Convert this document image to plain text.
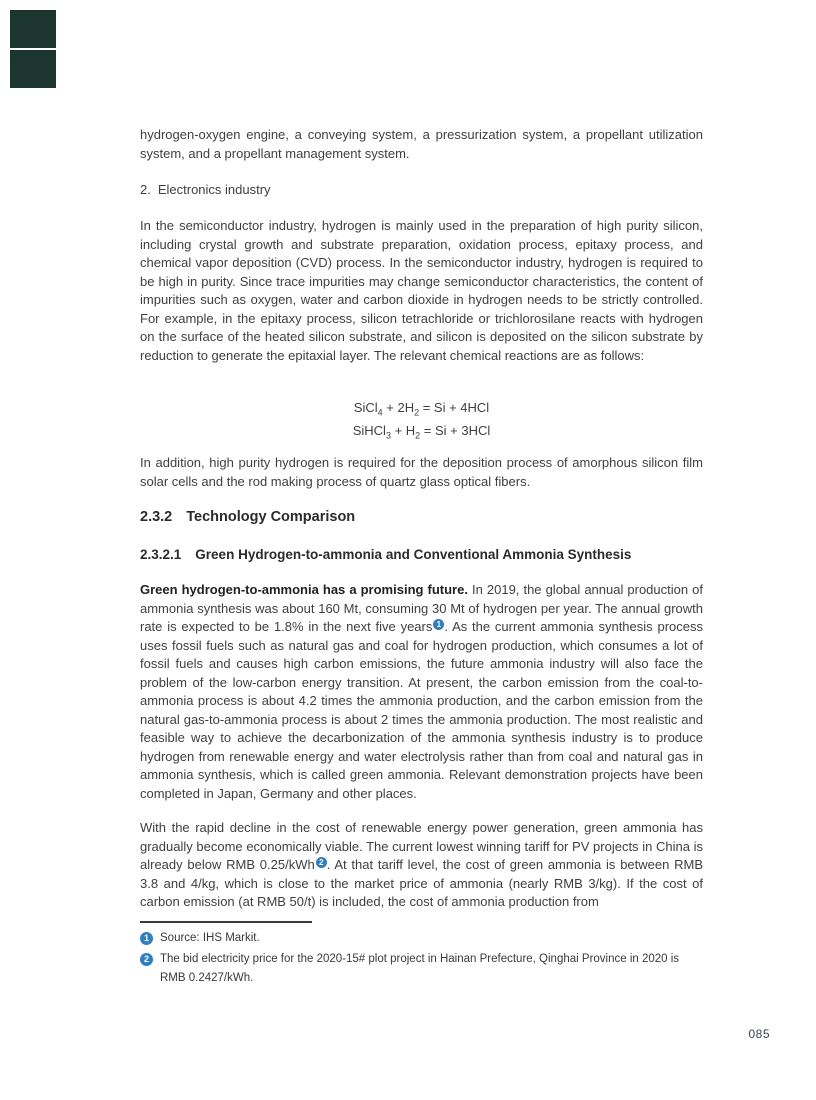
hydrogen-oxygen engine, a conveying system, a pressurization system, a propellant utilization system, and a propellant management system.
2. Electronics industry
In the semiconductor industry, hydrogen is mainly used in the preparation of high purity silicon, including crystal growth and substrate preparation, oxidation process, epitaxy process, and chemical vapor deposition (CVD) process. In the semiconductor industry, hydrogen is required to be high in purity. Since trace impurities may change semiconductor characteristics, the content of impurities such as oxygen, water and carbon dioxide in hydrogen needs to be strictly controlled. For example, in the epitaxy process, silicon tetrachloride or trichlorosilane reacts with hydrogen on the surface of the heated silicon substrate, and silicon is deposited on the silicon substrate by reduction to generate the epitaxial layer. The relevant chemical reactions are as follows:
SiCl$_4$ + $2H_2 = Si + 4HCl$
SiHCl$_3$ + $H_2 = Si + 3HCl$
In addition, high purity hydrogen is required for the deposition process of amorphous silicon film solar cells and the rod making process of quartz glass optical fibers.
2.3.2 Technology Comparison
2.3.2.1 Green Hydrogen-to-ammonia and Conventional Ammonia Synthesis
Green hydrogen-to-ammonia has a promising future. In 2019, the global annual production of ammonia synthesis was about 160 Mt, consuming 30 Mt of hydrogen per year. The annual growth rate is expected to be 1.8% in the next five years 1 . As the current ammonia synthesis process uses fossil fuels such as natural gas and coal for hydrogen production, which consumes a lot of fossil fuels and causes high carbon emissions, the future ammonia industry will also face the problem of the low-carbon energy transition. At present, the carbon emission from the coal-to-ammonia process is about 4.2 times the ammonia production, and the carbon emission from the natural gas-to-ammonia process is about 2 times the ammonia production. The most realistic and feasible way to achieve the decarbonization of the ammonia synthesis industry is to produce hydrogen from renewable energy and water electrolysis rather than from coal and natural gas in ammonia synthesis, which is called green ammonia. Relevant demonstration projects have been completed in Japan, Germany and other places.
With the rapid decline in the cost of renewable energy power generation, green ammonia has gradually become economically viable. The current lowest winning tariff for PV projects in China is already below RMB 0.25/kWh 2 . At that tariff level, the cost of green ammonia is between RMB 3.8 and 4/kg, which is close to the market price of ammonia (nearly RMB 3/kg). If the cost of carbon emission (at RMB 50/t) is included, the cost of ammonia production from
1 Source: IHS Markit.
2 The bid electricity price for the 2020-15# plot project in Hainan Prefecture, Qinghai Province in 2020 is RMB 0.2427/kWh.
085
